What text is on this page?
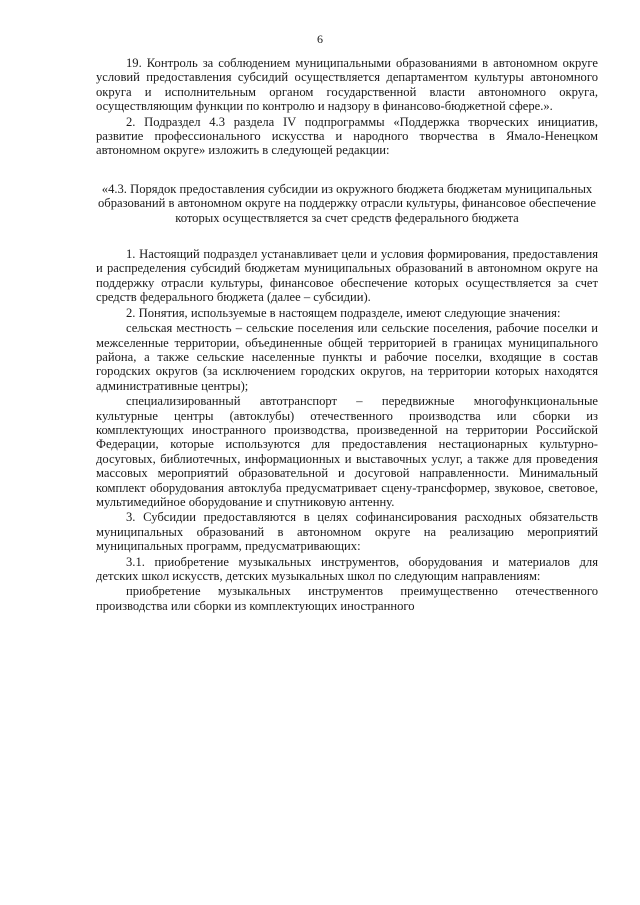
6

19. Контроль за соблюдением муниципальными образованиями в автономном округе условий предоставления субсидий осуществляется департаментом культуры автономного округа и исполнительным органом государственной власти автономного округа, осуществляющим функции по контролю и надзору в финансово-бюджетной сфере.».

2. Подраздел 4.3 раздела IV подпрограммы «Поддержка творческих инициатив, развитие профессионального искусства и народного творчества в Ямало-Ненецком автономном округе» изложить в следующей редакции:

«4.3. Порядок предоставления субсидии из окружного бюджета бюджетам муниципальных образований в автономном округе на поддержку отрасли культуры, финансовое обеспечение которых осуществляется за счет средств федерального бюджета

1. Настоящий подраздел устанавливает цели и условия формирования, предоставления и распределения субсидий бюджетам муниципальных образований в автономном округе на поддержку отрасли культуры, финансовое обеспечение которых осуществляется за счет средств федерального бюджета (далее – субсидии).

2. Понятия, используемые в настоящем подразделе, имеют следующие значения:

сельская местность – сельские поселения или сельские поселения, рабочие поселки и межселенные территории, объединенные общей территорией в границах муниципального района, а также сельские населенные пункты и рабочие поселки, входящие в состав городских округов (за исключением городских округов, на территории которых находятся административные центры);

специализированный автотранспорт – передвижные многофункциональные культурные центры (автоклубы) отечественного производства или сборки из комплектующих иностранного производства, произведенной на территории Российской Федерации, которые используются для предоставления нестационарных культурно-досуговых, библиотечных, информационных и выставочных услуг, а также для проведения массовых мероприятий образовательной и досуговой направленности. Минимальный комплект оборудования автоклуба предусматривает сцену-трансформер, звуковое, световое, мультимедийное оборудование и спутниковую антенну.

3. Субсидии предоставляются в целях софинансирования расходных обязательств муниципальных образований в автономном округе на реализацию мероприятий муниципальных программ, предусматривающих:

3.1. приобретение музыкальных инструментов, оборудования и материалов для детских школ искусств, детских музыкальных школ по следующим направлениям:

приобретение музыкальных инструментов преимущественно отечественного производства или сборки из комплектующих иностранного
